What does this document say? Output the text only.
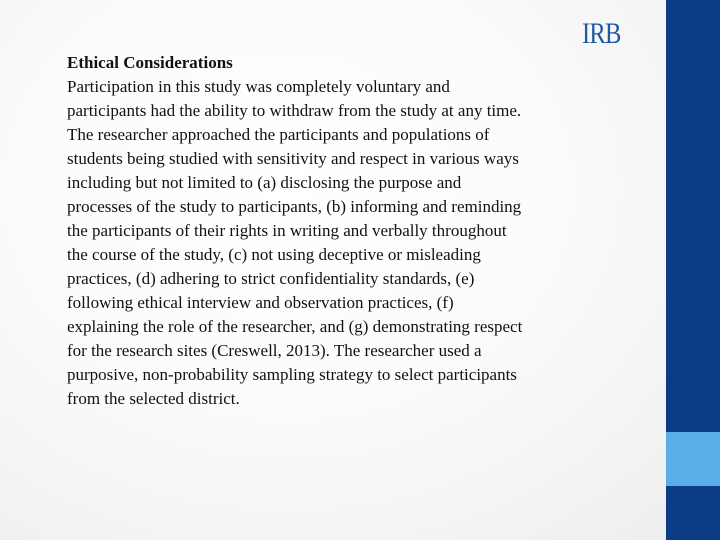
IRB

Ethical Considerations

Participation in this study was completely voluntary and
participants had the ability to withdraw from the study at any time.
The researcher approached the participants and populations of
students being studied with sensitivity and respect in various ways
including but not limited to (a) disclosing the purpose and
processes of the study to participants, (b) informing and reminding
the participants of their rights in writing and verbally throughout
the course of the study, (c) not using deceptive or misleading
practices, (d) adhering to strict confidentiality standards, (e)
following ethical interview and observation practices, (f)
explaining the role of the researcher, and (g) demonstrating respect
for the research sites (Creswell, 2013). The researcher used a
purposive, non-probability sampling strategy to select participants
from the selected district.
